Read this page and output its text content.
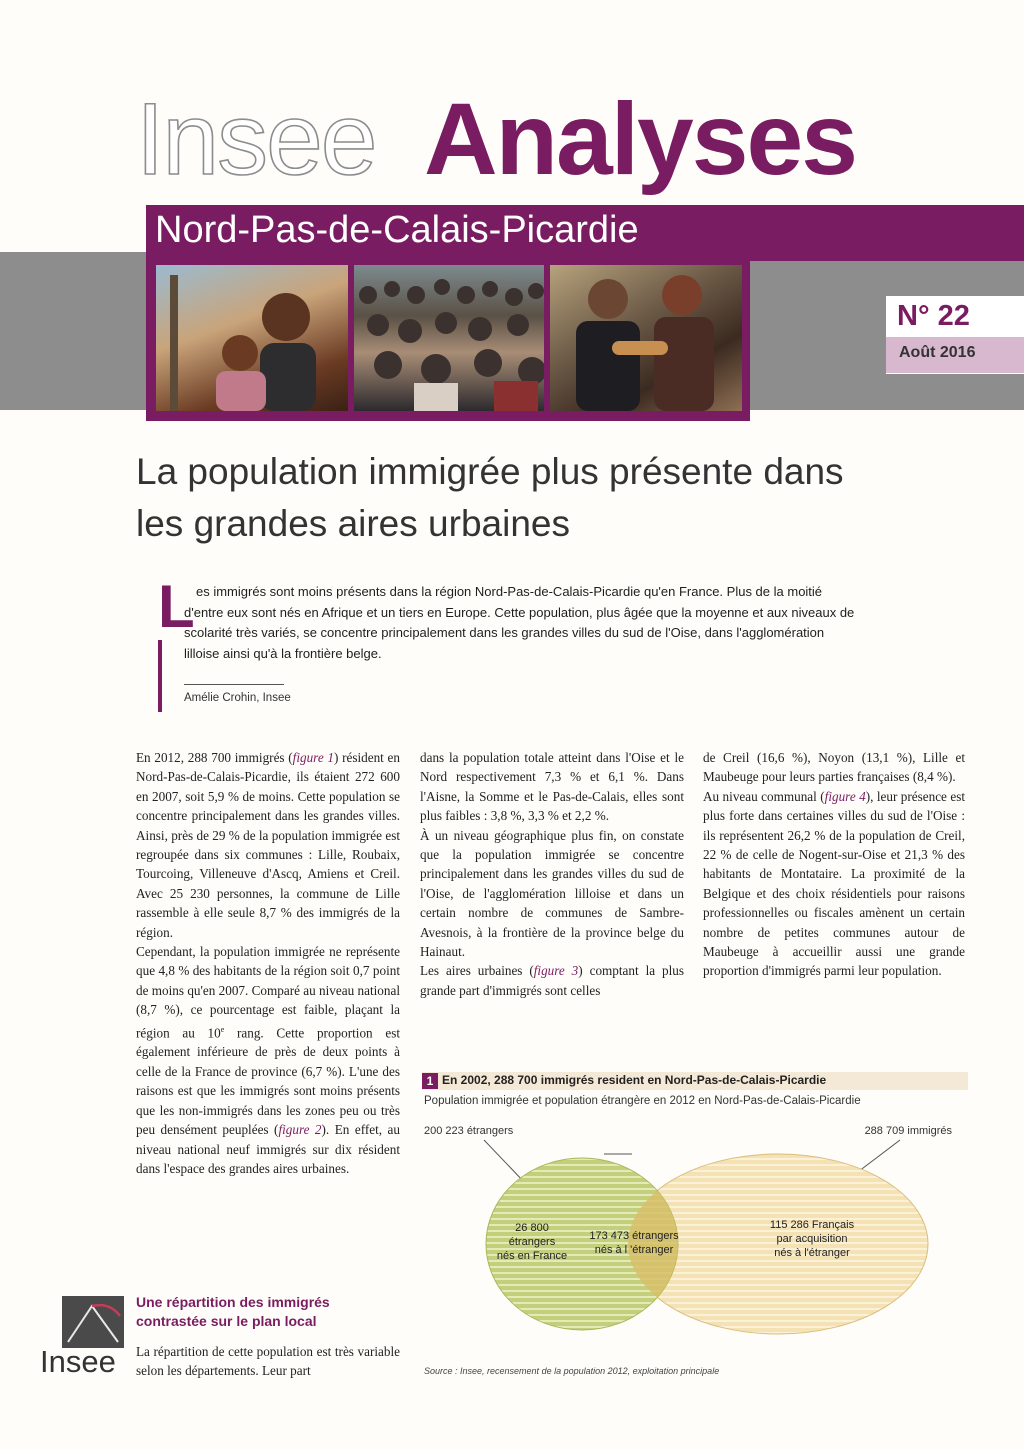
Insee Analyses
Nord-Pas-de-Calais-Picardie
N° 22
Août 2016
La population immigrée plus présente dans les grandes aires urbaines
L es immigrés sont moins présents dans la région Nord-Pas-de-Calais-Picardie qu'en France. Plus de la moitié d'entre eux sont nés en Afrique et un tiers en Europe. Cette population, plus âgée que la moyenne et aux niveaux de scolarité très variés, se concentre principalement dans les grandes villes du sud de l'Oise, dans l'agglomération lilloise ainsi qu'à la frontière belge.
Amélie Crohin, Insee

En 2012, 288 700 immigrés (figure 1) résident en Nord-Pas-de-Calais-Picardie, ils étaient 272 600 en 2007, soit 5,9 % de moins. Cette population se concentre principalement dans les grandes villes. Ainsi, près de 29 % de la population immigrée est regroupée dans six communes : Lille, Roubaix, Tourcoing, Villeneuve d'Ascq, Amiens et Creil. Avec 25 230 personnes, la commune de Lille rassemble à elle seule 8,7 % des immigrés de la région.

Cependant, la population immigrée ne représente que 4,8 % des habitants de la région soit 0,7 point de moins qu'en 2007. Comparé au niveau national (8,7 %), ce pourcentage est faible, plaçant la région au 10e rang. Cette proportion est également inférieure de près de deux points à celle de la France de province (6,7 %). L'une des raisons est que les immigrés sont moins présents que les non-immigrés dans les zones peu ou très peu densément peuplées (figure 2). En effet, au niveau national neuf immigrés sur dix résident dans l'espace des grandes aires urbaines.

Une répartition des immigrés contrastée sur le plan local

La répartition de cette population est très variable selon les départements. Leur part

dans la population totale atteint dans l'Oise et le Nord respectivement 7,3 % et 6,1 %. Dans l'Aisne, la Somme et le Pas-de-Calais, elles sont plus faibles : 3,8 %, 3,3 % et 2,2 %.

À un niveau géographique plus fin, on constate que la population immigrée se concentre principalement dans les grandes villes du sud de l'Oise, de l'agglomération lilloise et dans un certain nombre de communes de Sambre-Avesnois, à la frontière de la province belge du Hainaut.

Les aires urbaines (figure 3) comptant la plus grande part d'immigrés sont celles

de Creil (16,6 %), Noyon (13,1 %), Lille et Maubeuge pour leurs parties françaises (8,4 %).

Au niveau communal (figure 4), leur présence est plus forte dans certaines villes du sud de l'Oise : ils représentent 26,2 % de la population de Creil, 22 % de celle de Nogent-sur-Oise et 21,3 % des habitants de Montataire. La proximité de la Belgique et des choix résidentiels pour raisons professionnelles ou fiscales amènent un certain nombre de petites communes autour de Maubeuge à accueillir aussi une grande proportion d'immigrés parmi leur population.

1 En 2002, 288 700 immigrés resident en Nord-Pas-de-Calais-Picardie
Population immigrée et population étrangère en 2012 en Nord-Pas-de-Calais-Picardie
200 223 étrangers	288 709 immigrés
26 800
étrangers
nés en France
173 473 étrangers
nés à l 'étranger
115 286 Français
par acquisition
nés à l'étranger
Source : Insee, recensement de la population 2012, exploitation principale
Insee
